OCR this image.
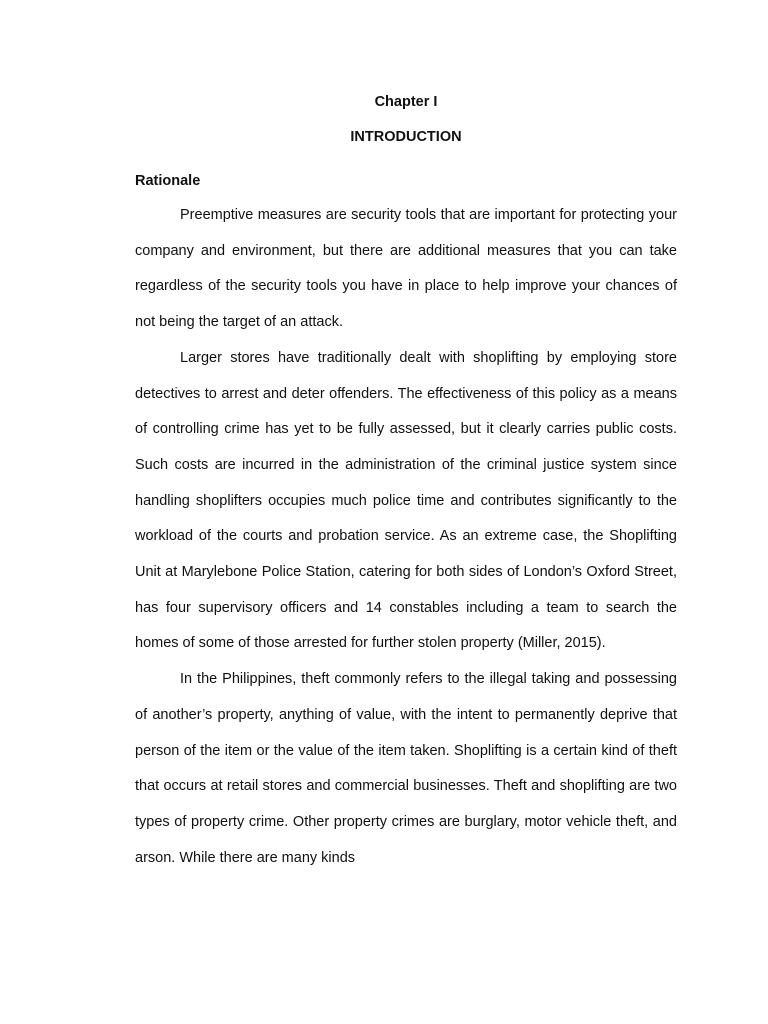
Chapter I
INTRODUCTION
Rationale

Preemptive measures are security tools that are important for protecting your company and environment, but there are additional measures that you can take regardless of the security tools you have in place to help improve your chances of not being the target of an attack.

Larger stores have traditionally dealt with shoplifting by employing store detectives to arrest and deter offenders. The effectiveness of this policy as a means of controlling crime has yet to be fully assessed, but it clearly carries public costs. Such costs are incurred in the administration of the criminal justice system since handling shoplifters occupies much police time and contributes significantly to the workload of the courts and probation service. As an extreme case, the Shoplifting Unit at Marylebone Police Station, catering for both sides of London’s Oxford Street, has four supervisory officers and 14 constables including a team to search the homes of some of those arrested for further stolen property (Miller, 2015).

In the Philippines, theft commonly refers to the illegal taking and possessing of another’s property, anything of value, with the intent to permanently deprive that person of the item or the value of the item taken. Shoplifting is a certain kind of theft that occurs at retail stores and commercial businesses. Theft and shoplifting are two types of property crime. Other property crimes are burglary, motor vehicle theft, and arson. While there are many kinds
